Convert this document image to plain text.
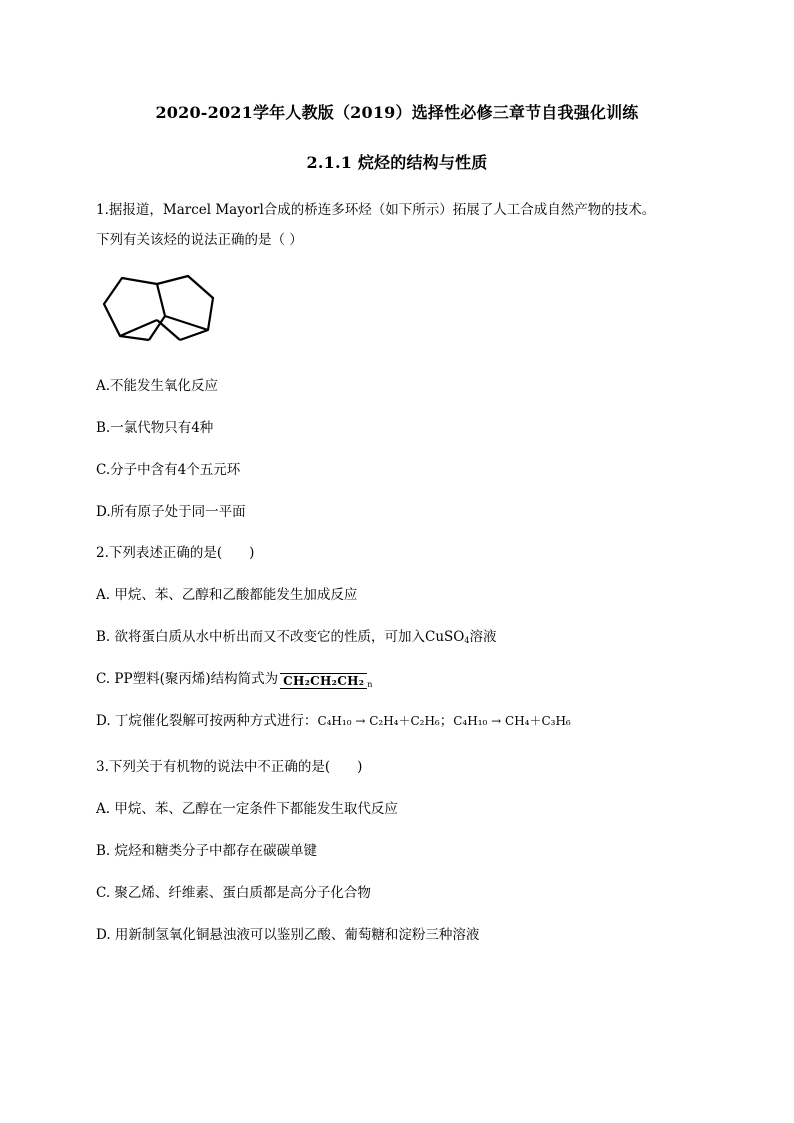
2020-2021学年人教版（2019）选择性必修三章节自我强化训练
2.1.1 烷烃的结构与性质
1.据报道，Marcel Mayorl合成的桥连多环烃（如下所示）拓展了人工合成自然产物的技术。
下列有关该烃的说法正确的是（ ）
A.不能发生氧化反应
B.一氯代物只有4种
C.分子中含有4个五元环
D.所有原子处于同一平面
2.下列表述正确的是(　　)
A. 甲烷、苯、乙醇和乙酸都能发生加成反应
B. 欲将蛋白质从水中析出而又不改变它的性质，可加入CuSO$_4$溶液
C. PP塑料(聚丙烯)结构简式为 CH₂CH₂CH₂ $_n$
D. 丁烷催化裂解可按两种方式进行：C₄H₁₀ → C₂H₄＋C₂H₆；C₄H₁₀ → CH₄＋C₃H₆
3.下列关于有机物的说法中不正确的是(　　)
A. 甲烷、苯、乙醇在一定条件下都能发生取代反应
B. 烷烃和糖类分子中都存在碳碳单键
C. 聚乙烯、纤维素、蛋白质都是高分子化合物
D. 用新制氢氧化铜悬浊液可以鉴别乙酸、葡萄糖和淀粉三种溶液
